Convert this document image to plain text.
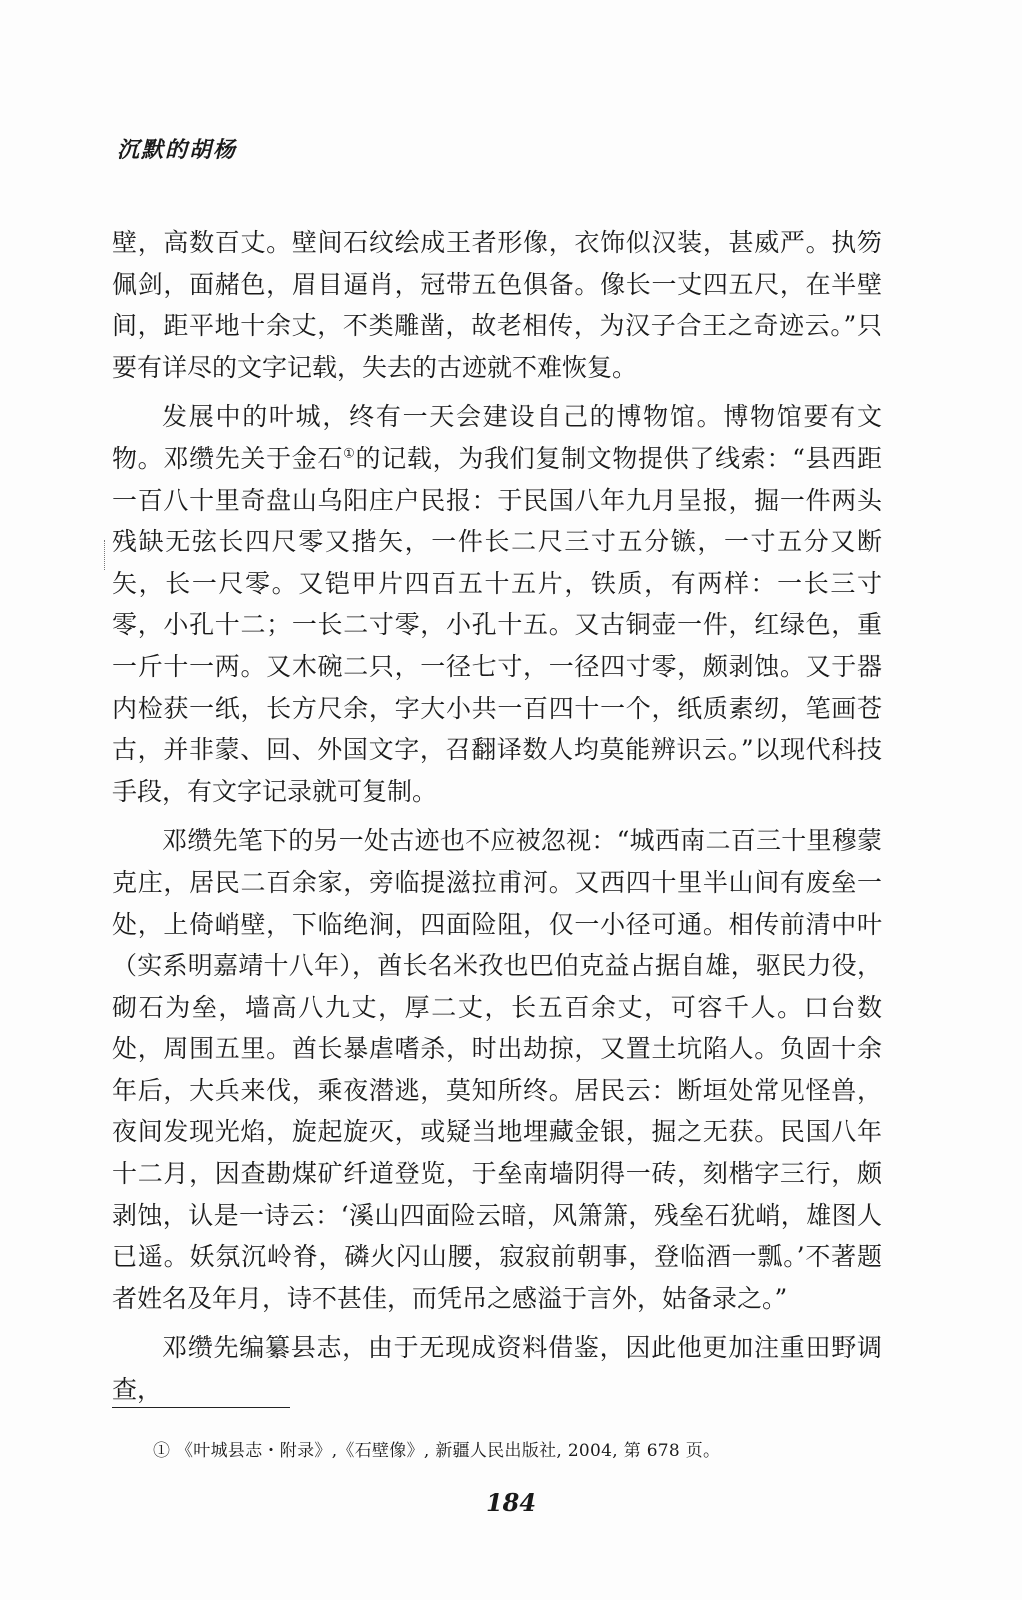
沉默的胡杨

壁，高数百丈。壁间石纹绘成王者形像，衣饰似汉装，甚威严。执笏佩剑，面赭色，眉目逼肖，冠带五色俱备。像长一丈四五尺，在半壁间，距平地十余丈，不类雕凿，故老相传，为汉子合王之奇迹云。”只要有详尽的文字记载，失去的古迹就不难恢复。

发展中的叶城，终有一天会建设自己的博物馆。博物馆要有文物。邓缵先关于金石①的记载，为我们复制文物提供了线索：“县西距一百八十里奇盘山乌阳庄户民报：于民国八年九月呈报，掘一件两头残缺无弦长四尺零又揩矢，一件长二尺三寸五分镞，一寸五分又断矢，长一尺零。又铠甲片四百五十五片，铁质，有两样：一长三寸零，小孔十二；一长二寸零，小孔十五。又古铜壶一件，红绿色，重一斤十一两。又木碗二只，一径七寸，一径四寸零，颇剥蚀。又于器内检获一纸，长方尺余，字大小共一百四十一个，纸质素纫，笔画苍古，并非蒙、回、外国文字，召翻译数人均莫能辨识云。”以现代科技手段，有文字记录就可复制。

邓缵先笔下的另一处古迹也不应被忽视：“城西南二百三十里穆蒙克庄，居民二百余家，旁临提滋拉甫河。又西四十里半山间有废垒一处，上倚峭壁，下临绝涧，四面险阻，仅一小径可通。相传前清中叶（实系明嘉靖十八年），酋长名米孜也巴伯克益占据自雄，驱民力役，砌石为垒，墙高八九丈，厚二丈，长五百余丈，可容千人。口台数处，周围五里。酋长暴虐嗜杀，时出劫掠，又置土坑陷人。负固十余年后，大兵来伐，乘夜潜逃，莫知所终。居民云：断垣处常见怪兽，夜间发现光焰，旋起旋灭，或疑当地埋藏金银，掘之无获。民国八年十二月，因查勘煤矿纤道登览，于垒南墙阴得一砖，刻楷字三行，颇剥蚀，认是一诗云：‘溪山四面险云暗，风箫箫，残垒石犹峭，雄图人已遥。妖氛沉岭脊，磷火闪山腰，寂寂前朝事，登临酒一瓢。’不著题者姓名及年月，诗不甚佳，而凭吊之感溢于言外，姑备录之。”

邓缵先编纂县志，由于无现成资料借鉴，因此他更加注重田野调查，

① 《叶城县志・附录》,《石壁像》, 新疆人民出版社, 2004, 第 678 页。
184
